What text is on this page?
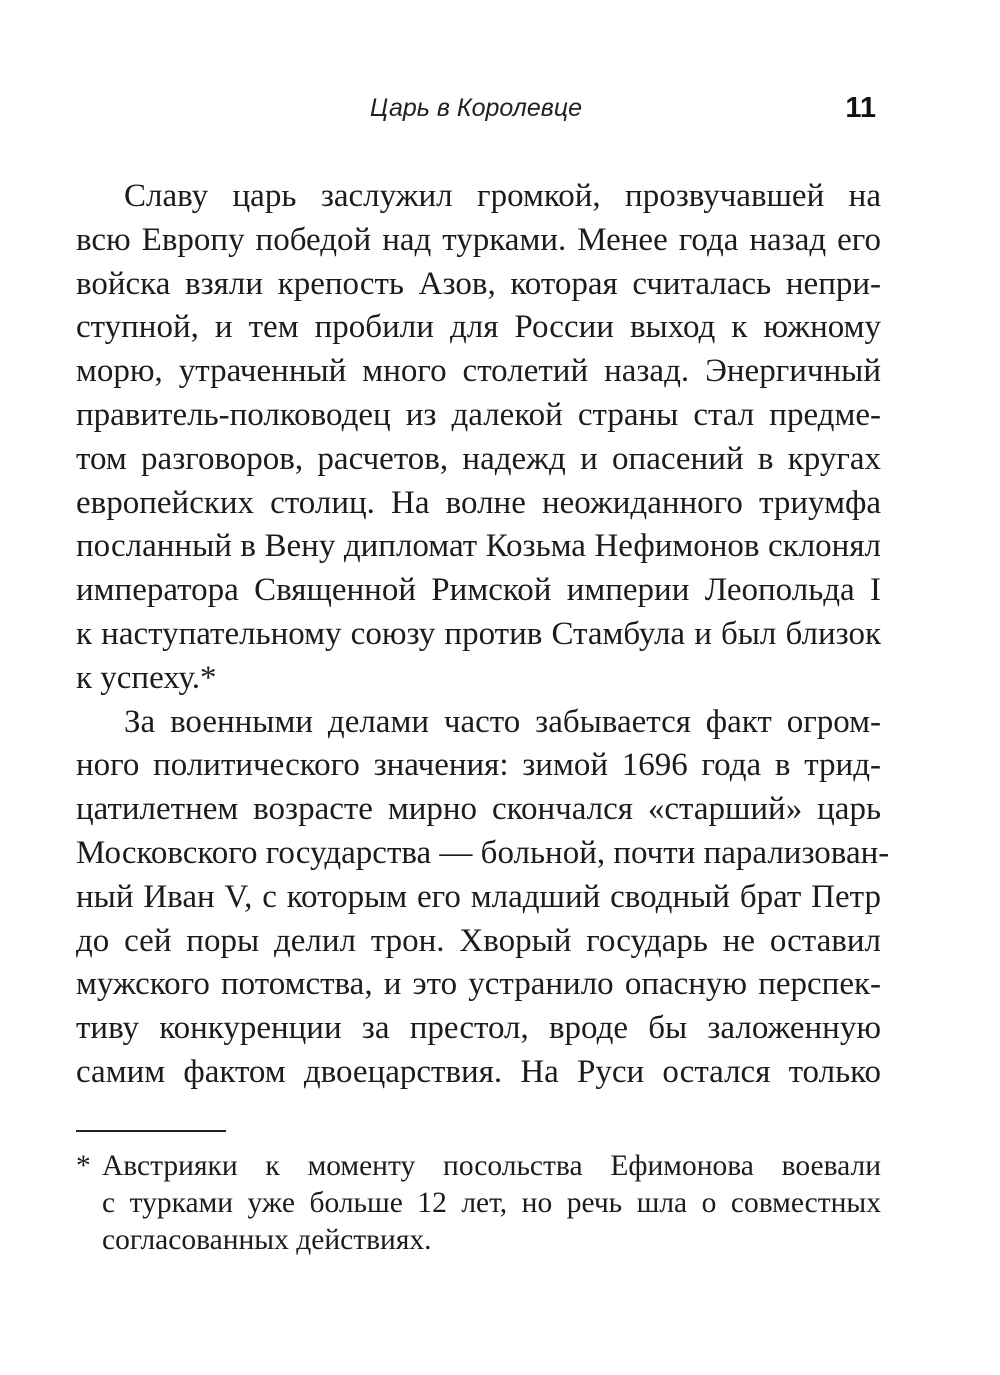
Царь в Королевце	11
Славу царь заслужил громкой, прозвучавшей на
всю Европу победой над турками. Менее года назад его
войска взяли крепость Азов, которая считалась непри-
ступной, и тем пробили для России выход к южному
морю, утраченный много столетий назад. Энергичный
правитель-полководец из далекой страны стал предме-
том разговоров, расчетов, надежд и опасений в кругах
европейских столиц. На волне неожиданного триумфа
посланный в Вену дипломат Козьма Нефимонов склонял
императора Священной Римской империи Леопольда I
к наступательному союзу против Стамбула и был близок
к успеху.*
За военными делами часто забывается факт огром-
ного политического значения: зимой 1696 года в трид-
цатилетнем возрасте мирно скончался «старший» царь
Московского государства — больной, почти парализован-
ный Иван V, с которым его младший сводный брат Петр
до сей поры делил трон. Хворый государь не оставил
мужского потомства, и это устранило опасную перспек-
тиву конкуренции за престол, вроде бы заложенную
самим фактом двоецарствия. На Руси остался только
* Австрияки к моменту посольства Ефимонова воевали
с турками уже больше 12 лет, но речь шла о совместных
согласованных действиях.
